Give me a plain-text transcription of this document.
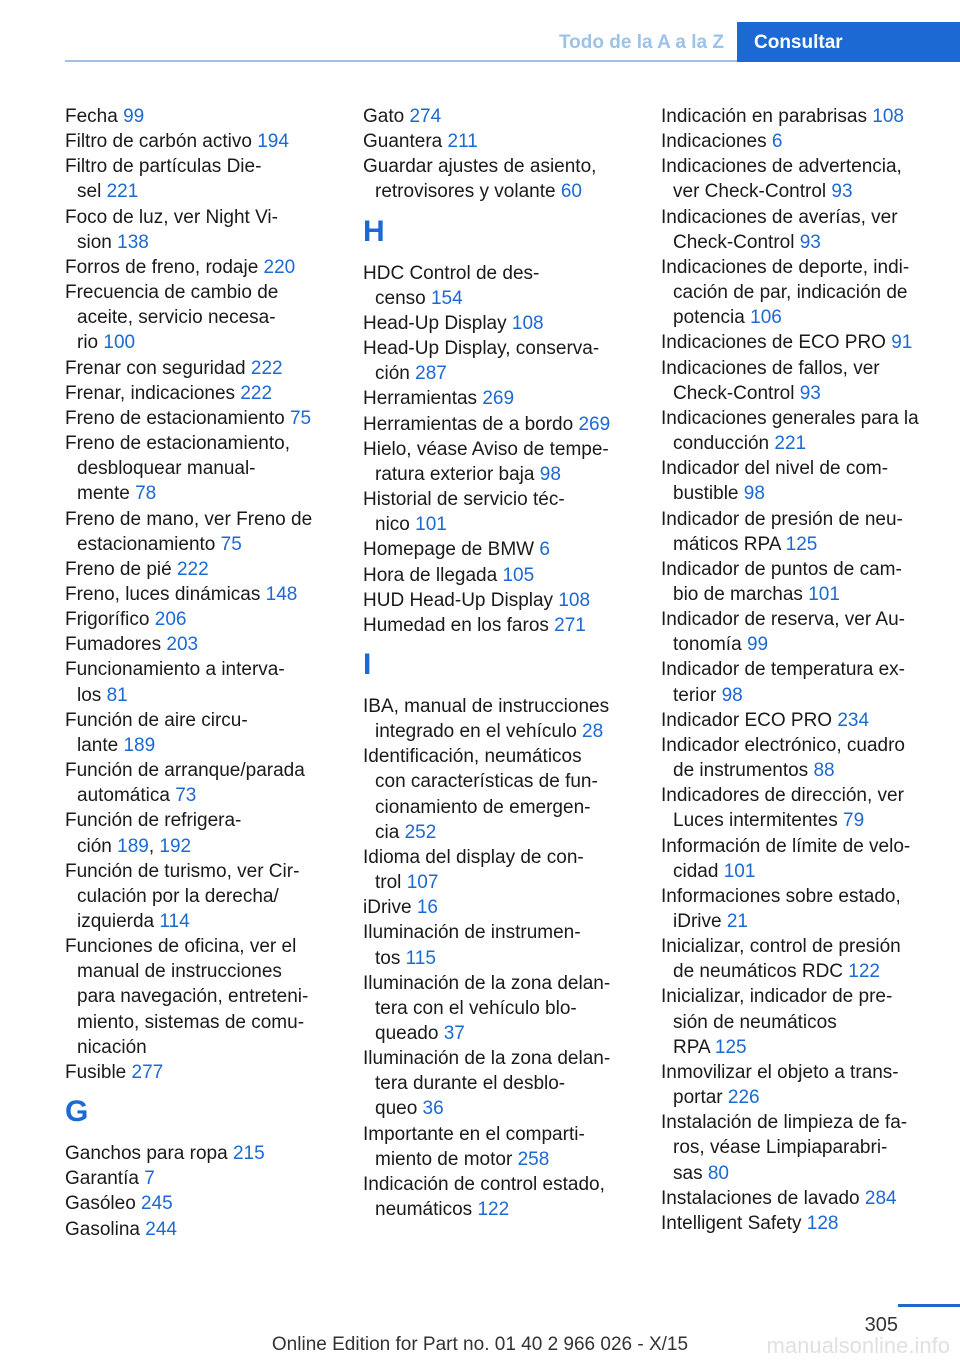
Todo de la A a la Z	Consultar
Fecha 99
Filtro de carbón activo 194
Filtro de partículas Die‐
sel 221
Foco de luz, ver Night Vi‐
sion 138
Forros de freno, rodaje 220
Frecuencia de cambio de
aceite, servicio necesa‐
rio 100
Frenar con seguridad 222
Frenar, indicaciones 222
Freno de estacionamiento 75
Freno de estacionamiento,
desbloquear manual‐
mente 78
Freno de mano, ver Freno de
estacionamiento 75
Freno de pié 222
Freno, luces dinámicas 148
Frigorífico 206
Fumadores 203
Funcionamiento a interva‐
los 81
Función de aire circu‐
lante 189
Función de arranque/parada
automática 73
Función de refrigera‐
ción 189, 192
Función de turismo, ver Cir‐
culación por la derecha/
izquierda 114
Funciones de oficina, ver el
manual de instrucciones
para navegación, entreteni‐
miento, sistemas de comu‐
nicación
Fusible 277
G
Ganchos para ropa 215
Garantía 7
Gasóleo 245
Gasolina 244
Gato 274
Guantera 211
Guardar ajustes de asiento,
retrovisores y volante 60
H
HDC Control de des‐
censo 154
Head-Up Display 108
Head-Up Display, conserva‐
ción 287
Herramientas 269
Herramientas de a bordo 269
Hielo, véase Aviso de tempe‐
ratura exterior baja 98
Historial de servicio téc‐
nico 101
Homepage de BMW 6
Hora de llegada 105
HUD Head-Up Display 108
Humedad en los faros 271
I
IBA, manual de instrucciones
integrado en el vehículo 28
Identificación, neumáticos
con características de fun‐
cionamiento de emergen‐
cia 252
Idioma del display de con‐
trol 107
iDrive 16
Iluminación de instrumen‐
tos 115
Iluminación de la zona delan‐
tera con el vehículo blo‐
queado 37
Iluminación de la zona delan‐
tera durante el desblo‐
queo 36
Importante en el comparti‐
miento de motor 258
Indicación de control estado,
neumáticos 122
Indicación en parabrisas 108
Indicaciones 6
Indicaciones de advertencia,
ver Check-Control 93
Indicaciones de averías, ver
Check-Control 93
Indicaciones de deporte, indi‐
cación de par, indicación de
potencia 106
Indicaciones de ECO PRO 91
Indicaciones de fallos, ver
Check-Control 93
Indicaciones generales para la
conducción 221
Indicador del nivel de com‐
bustible 98
Indicador de presión de neu‐
máticos RPA 125
Indicador de puntos de cam‐
bio de marchas 101
Indicador de reserva, ver Au‐
tonomía 99
Indicador de temperatura ex‐
terior 98
Indicador ECO PRO 234
Indicador electrónico, cuadro
de instrumentos 88
Indicadores de dirección, ver
Luces intermitentes 79
Información de límite de velo‐
cidad 101
Informaciones sobre estado,
iDrive 21
Inicializar, control de presión
de neumáticos RDC 122
Inicializar, indicador de pre‐
sión de neumáticos
RPA 125
Inmovilizar el objeto a trans‐
portar 226
Instalación de limpieza de fa‐
ros, véase Limpiaparabri‐
sas 80
Instalaciones de lavado 284
Intelligent Safety 128
305
Online Edition for Part no. 01 40 2 966 026 - X/15	manualsonline.info
